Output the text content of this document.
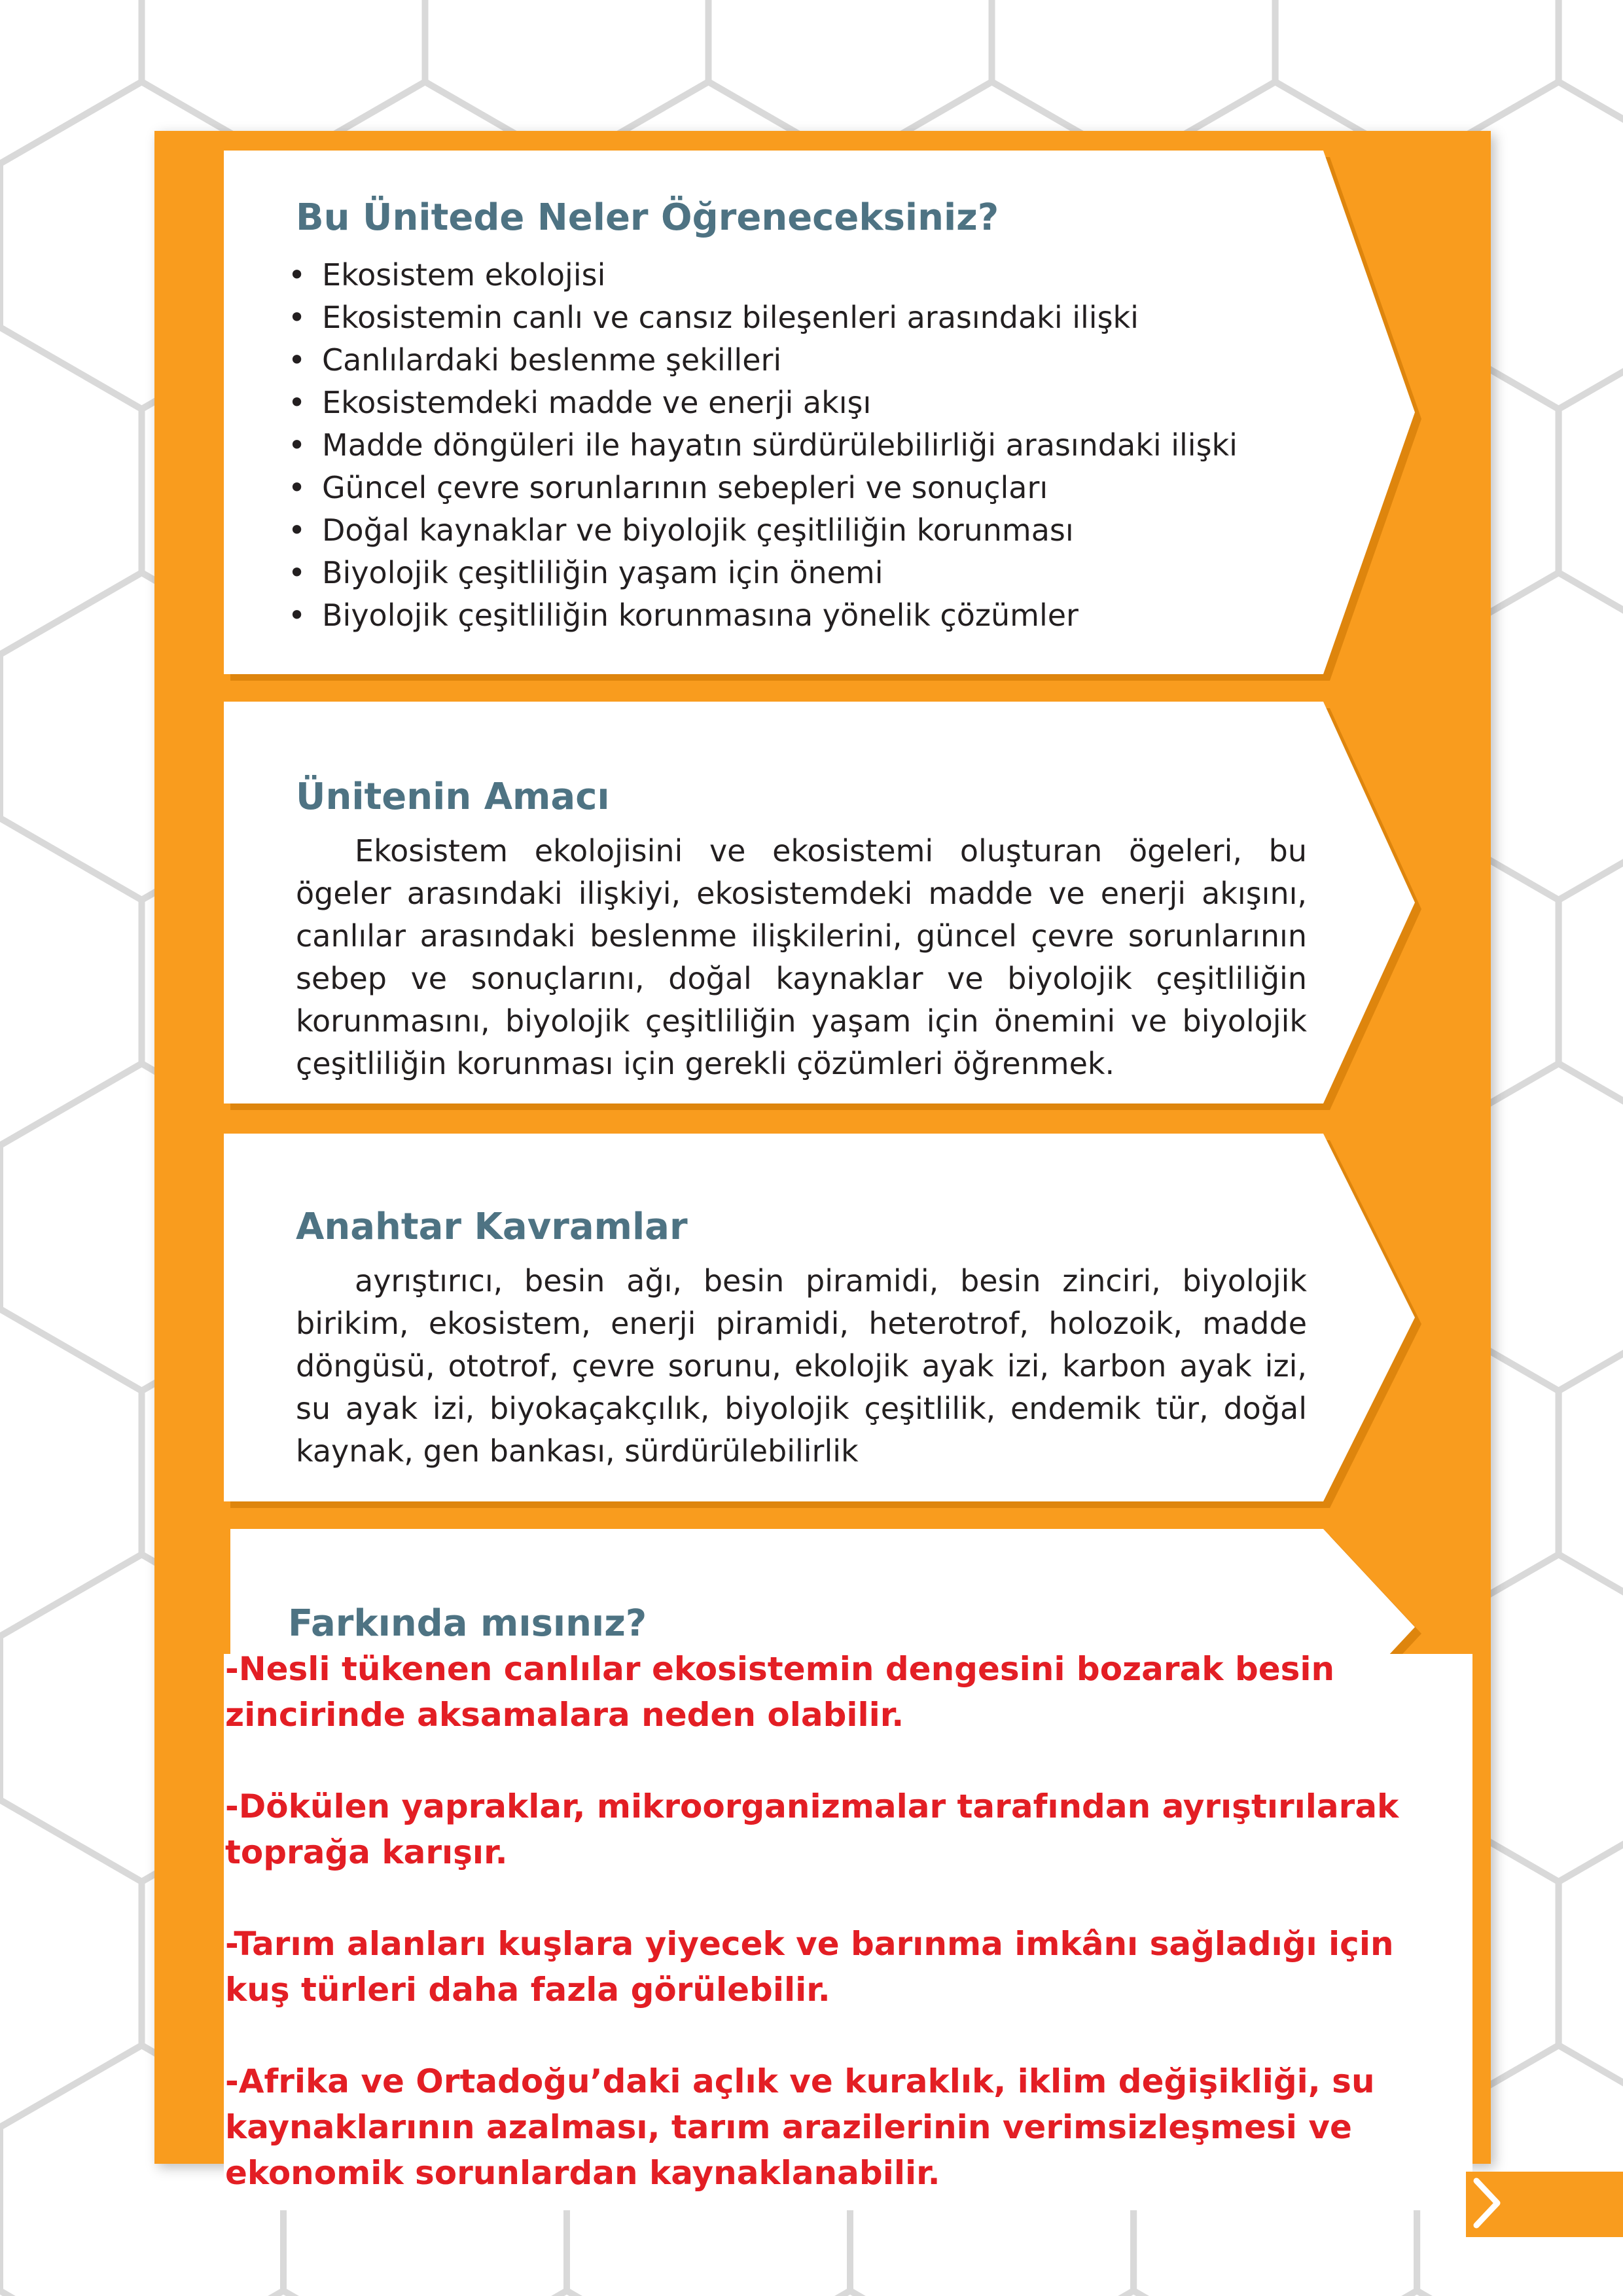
Bu Ünitede Neler Öğreneceksiniz?
• Ekosistem ekolojisi
• Ekosistemin canlı ve cansız bileşenleri arasındaki ilişki
• Canlılardaki beslenme şekilleri
• Ekosistemdeki madde ve enerji akışı
• Madde döngüleri ile hayatın sürdürülebilirliği arasındaki ilişki
• Güncel çevre sorunlarının sebepleri ve sonuçları
• Doğal kaynaklar ve biyolojik çeşitliliğin korunması
• Biyolojik çeşitliliğin yaşam için önemi
• Biyolojik çeşitliliğin korunmasına yönelik çözümler
Ünitenin Amacı

Ekosistem ekolojisini ve ekosistemi oluşturan ögeleri, bu ögeler arasındaki ilişkiyi, ekosistemdeki madde ve enerji akışını, canlılar arasındaki beslenme ilişkilerini, güncel çevre sorunlarının sebep ve sonuçlarını, doğal kaynaklar ve biyolojik çeşitliliğin korunmasını, biyolojik çeşitliliğin yaşam için önemini ve biyolojik çeşitliliğin korunması için gerekli çözümleri öğrenmek.

Anahtar Kavramlar

ayrıştırıcı, besin ağı, besin piramidi, besin zinciri, biyolojik birikim, ekosistem, enerji piramidi, heterotrof, holozoik, madde döngüsü, ototrof, çevre sorunu, ekolojik ayak izi, karbon ayak izi, su ayak izi, biyokaçakçılık, biyolojik çeşitlilik, endemik tür, doğal kaynak, gen bankası, sürdürülebilirlik

Farkında mısınız?

-Nesli tükenen canlılar ekosistemin dengesini bozarak besin zincirinde aksamalara neden olabilir.

-Dökülen yapraklar, mikroorganizmalar tarafından ayrıştırılarak toprağa karışır.

-Tarım alanları kuşlara yiyecek ve barınma imkânı sağladığı için kuş türleri daha fazla görülebilir.

-Afrika ve Ortadoğu’daki açlık ve kuraklık, iklim değişikliği, su kaynaklarının azalması, tarım arazilerinin verimsizleşmesi ve ekonomik sorunlardan kaynaklanabilir.
